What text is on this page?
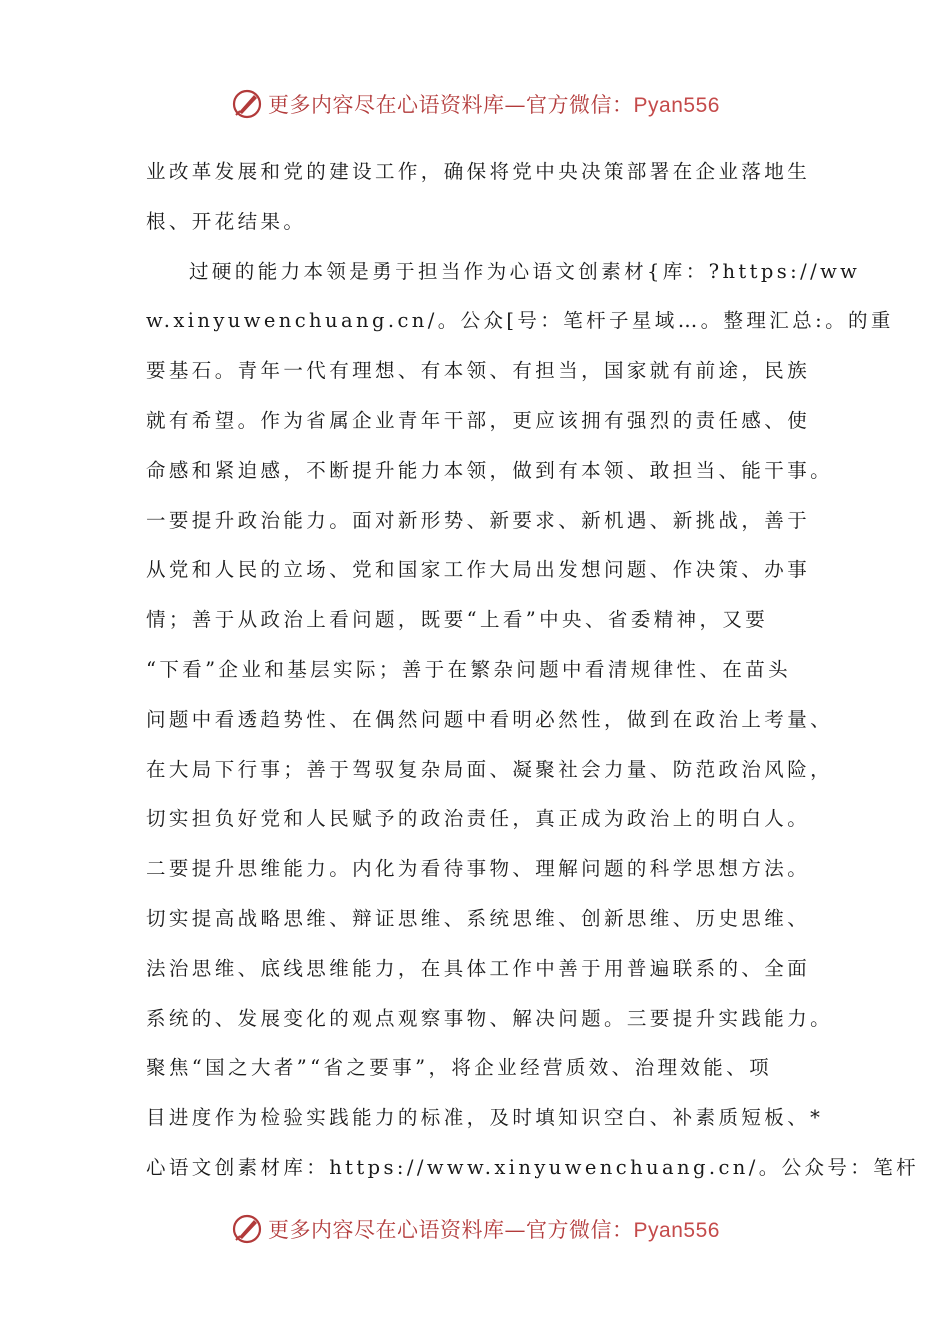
更多内容尽在心语资料库—官方微信：Pyan556
业改革发展和党的建设工作，确保将党中央决策部署在企业落地生
根、开花结果。
过硬的能力本领是勇于担当作为心语文创素材{库：?https://ww
w.xinyuwenchuang.cn/。公众[号：笔杆子星域…。整理汇总:。的重
要基石。青年一代有理想、有本领、有担当，国家就有前途，民族
就有希望。作为省属企业青年干部，更应该拥有强烈的责任感、使
命感和紧迫感，不断提升能力本领，做到有本领、敢担当、能干事。
一要提升政治能力。面对新形势、新要求、新机遇、新挑战，善于
从党和人民的立场、党和国家工作大局出发想问题、作决策、办事
情；善于从政治上看问题，既要“上看”中央、省委精神，又要
“下看”企业和基层实际；善于在繁杂问题中看清规律性、在苗头
问题中看透趋势性、在偶然问题中看明必然性，做到在政治上考量、
在大局下行事；善于驾驭复杂局面、凝聚社会力量、防范政治风险，
切实担负好党和人民赋予的政治责任，真正成为政治上的明白人。
二要提升思维能力。内化为看待事物、理解问题的科学思想方法。
切实提高战略思维、辩证思维、系统思维、创新思维、历史思维、
法治思维、底线思维能力，在具体工作中善于用普遍联系的、全面
系统的、发展变化的观点观察事物、解决问题。三要提升实践能力。
聚焦“国之大者”“省之要事”，将企业经营质效、治理效能、项
目进度作为检验实践能力的标准，及时填知识空白、补素质短板、*
心语文创素材库：https://www.xinyuwenchuang.cn/。公众号：笔杆
更多内容尽在心语资料库—官方微信：Pyan556
